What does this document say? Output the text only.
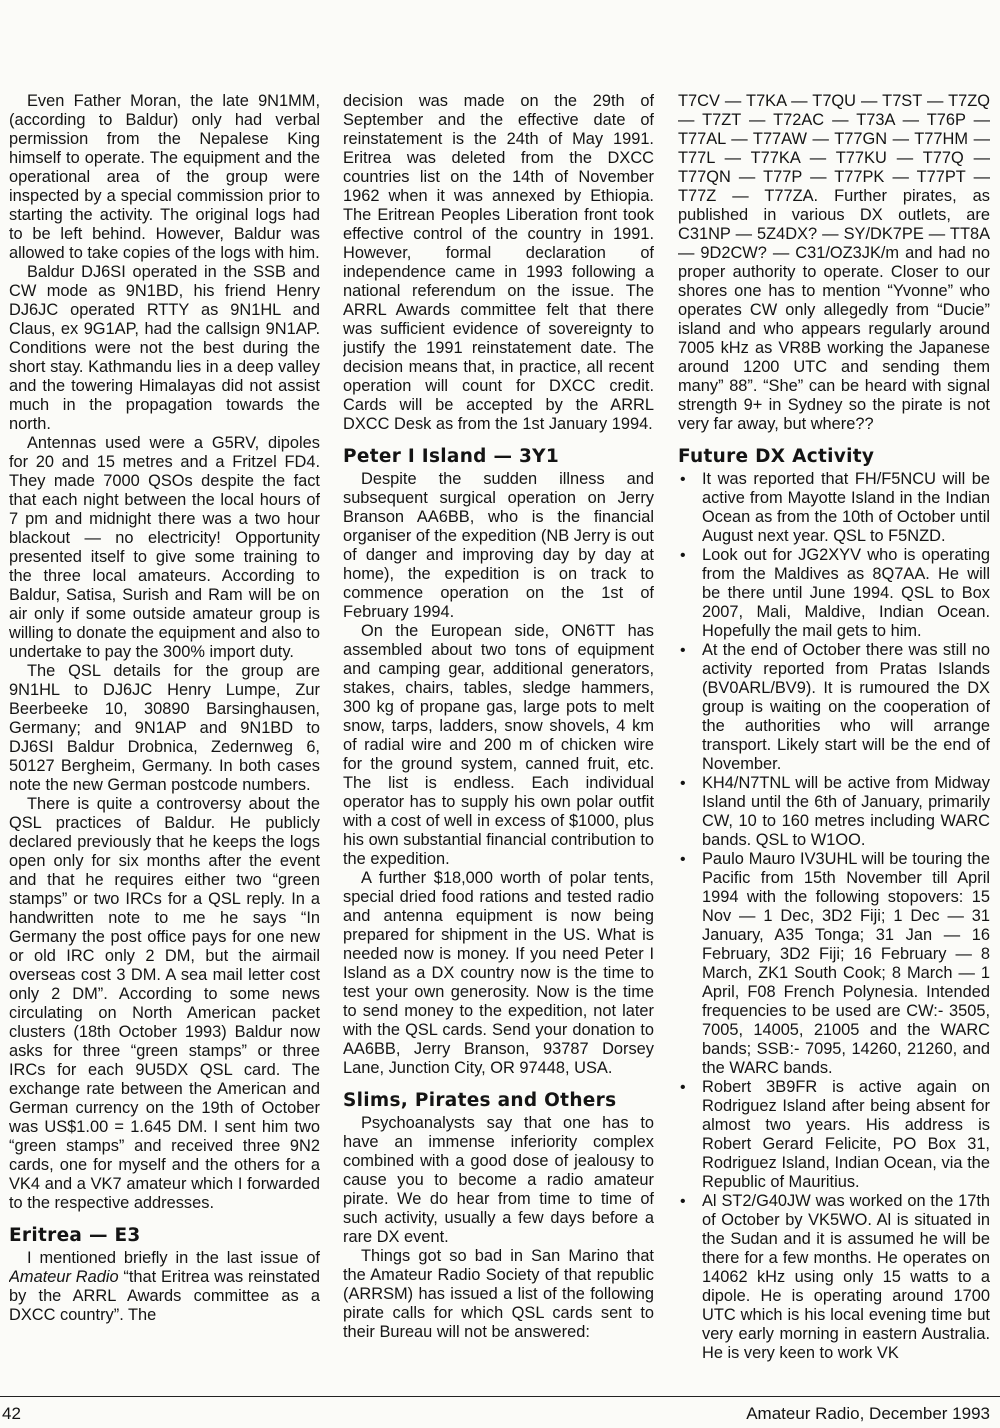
Even Father Moran, the late 9N1MM, (according to Baldur) only had verbal permission from the Nepalese King himself to operate. The equipment and the operational area of the group were inspected by a special commission prior to starting the activity. The original logs had to be left behind. However, Baldur was allowed to take copies of the logs with him.

Baldur DJ6SI operated in the SSB and CW mode as 9N1BD, his friend Henry DJ6JC operated RTTY as 9N1HL and Claus, ex 9G1AP, had the callsign 9N1AP. Conditions were not the best during the short stay. Kathmandu lies in a deep valley and the towering Himalayas did not assist much in the propagation towards the north.

Antennas used were a G5RV, dipoles for 20 and 15 metres and a Fritzel FD4. They made 7000 QSOs despite the fact that each night between the local hours of 7 pm and midnight there was a two hour blackout — no electricity! Opportunity presented itself to give some training to the three local amateurs. According to Baldur, Satisa, Surish and Ram will be on air only if some outside amateur group is willing to donate the equipment and also to undertake to pay the 300% import duty.

The QSL details for the group are 9N1HL to DJ6JC Henry Lumpe, Zur Beerbeeke 10, 30890 Barsinghausen, Germany; and 9N1AP and 9N1BD to DJ6SI Baldur Drobnica, Zedernweg 6, 50127 Bergheim, Germany. In both cases note the new German postcode numbers.

There is quite a controversy about the QSL practices of Baldur. He publicly declared previously that he keeps the logs open only for six months after the event and that he requires either two “green stamps” or two IRCs for a QSL reply. In a handwritten note to me he says “In Germany the post office pays for one new or old IRC only 2 DM, but the airmail overseas cost 3 DM. A sea mail letter cost only 2 DM”. According to some news circulating on North American packet clusters (18th October 1993) Baldur now asks for three “green stamps” or three IRCs for each 9U5DX QSL card. The exchange rate between the American and German currency on the 19th of October was US$1.00 = 1.645 DM. I sent him two “green stamps” and received three 9N2 cards, one for myself and the others for a VK4 and a VK7 amateur which I forwarded to the respective addresses.

Eritrea — E3

I mentioned briefly in the last issue of Amateur Radio “that Eritrea was reinstated by the ARRL Awards committee as a DXCC country”. The

decision was made on the 29th of September and the effective date of reinstatement is the 24th of May 1991. Eritrea was deleted from the DXCC countries list on the 14th of November 1962 when it was annexed by Ethiopia. The Eritrean Peoples Liberation front took effective control of the country in 1991. However, formal declaration of independence came in 1993 following a national referendum on the issue. The ARRL Awards committee felt that there was sufficient evidence of sovereignty to justify the 1991 reinstatement date. The decision means that, in practice, all recent operation will count for DXCC credit. Cards will be accepted by the ARRL DXCC Desk as from the 1st January 1994.

Peter I Island — 3Y1

Despite the sudden illness and subsequent surgical operation on Jerry Branson AA6BB, who is the financial organiser of the expedition (NB Jerry is out of danger and improving day by day at home), the expedition is on track to commence operation on the 1st of February 1994.

On the European side, ON6TT has assembled about two tons of equipment and camping gear, additional generators, stakes, chairs, tables, sledge hammers, 300 kg of propane gas, large pots to melt snow, tarps, ladders, snow shovels, 4 km of radial wire and 200 m of chicken wire for the ground system, canned fruit, etc. The list is endless. Each individual operator has to supply his own polar outfit with a cost of well in excess of $1000, plus his own substantial financial contribution to the expedition.

A further $18,000 worth of polar tents, special dried food rations and tested radio and antenna equipment is now being prepared for shipment in the US. What is needed now is money. If you need Peter I Island as a DX country now is the time to test your own generosity. Now is the time to send money to the expedition, not later with the QSL cards. Send your donation to AA6BB, Jerry Branson, 93787 Dorsey Lane, Junction City, OR 97448, USA.

Slims, Pirates and Others

Psychoanalysts say that one has to have an immense inferiority complex combined with a good dose of jealousy to cause you to become a radio amateur pirate. We do hear from time to time of such activity, usually a few days before a rare DX event.

Things got so bad in San Marino that the Amateur Radio Society of that republic (ARRSM) has issued a list of the following pirate calls for which QSL cards sent to their Bureau will not be answered:

T7CV — T7KA — T7QU — T7ST — T7ZQ — T7ZT — T72AC — T73A — T76P — T77AL — T77AW — T77GN — T77HM — T77L — T77KA — T77KU — T77Q — T77QN — T77P — T77PK — T77PT — T77Z — T77ZA. Further pirates, as published in various DX outlets, are C31NP — 5Z4DX? — SY/DK7PE — TT8A — 9D2CW? — C31/OZ3JK/m and had no proper authority to operate. Closer to our shores one has to mention “Yvonne” who operates CW only allegedly from “Ducie” island and who appears regularly around 7005 kHz as VR8B working the Japanese around 1200 UTC and sending them many” 88”. “She” can be heard with signal strength 9+ in Sydney so the pirate is not very far away, but where??

Future DX Activity
• It was reported that FH/F5NCU will be active from Mayotte Island in the Indian Ocean as from the 10th of October until August next year. QSL to F5NZD.
• Look out for JG2XYV who is operating from the Maldives as 8Q7AA. He will be there until June 1994. QSL to Box 2007, Mali, Maldive, Indian Ocean. Hopefully the mail gets to him.
• At the end of October there was still no activity reported from Pratas Islands (BV0ARL/BV9). It is rumoured the DX group is waiting on the cooperation of the authorities who will arrange transport. Likely start will be the end of November.
• KH4/N7TNL will be active from Midway Island until the 6th of January, primarily CW, 10 to 160 metres including WARC bands. QSL to W1OO.
• Paulo Mauro IV3UHL will be touring the Pacific from 15th November till April 1994 with the following stopovers: 15 Nov — 1 Dec, 3D2 Fiji; 1 Dec — 31 January, A35 Tonga; 31 Jan — 16 February, 3D2 Fiji; 16 February — 8 March, ZK1 South Cook; 8 March — 1 April, F08 French Polynesia. Intended frequencies to be used are CW:- 3505, 7005, 14005, 21005 and the WARC bands; SSB:- 7095, 14260, 21260, and the WARC bands.
• Robert 3B9FR is active again on Rodriguez Island after being absent for almost two years. His address is Robert Gerard Felicite, PO Box 31, Rodriguez Island, Indian Ocean, via the Republic of Mauritius.
• Al ST2/G40JW was worked on the 17th of October by VK5WO. Al is situated in the Sudan and it is assumed he will be there for a few months. He operates on 14062 kHz using only 15 watts to a dipole. He is operating around 1700 UTC which is his local evening time but very early morning in eastern Australia. He is very keen to work VK
42	Amateur Radio, December 1993
